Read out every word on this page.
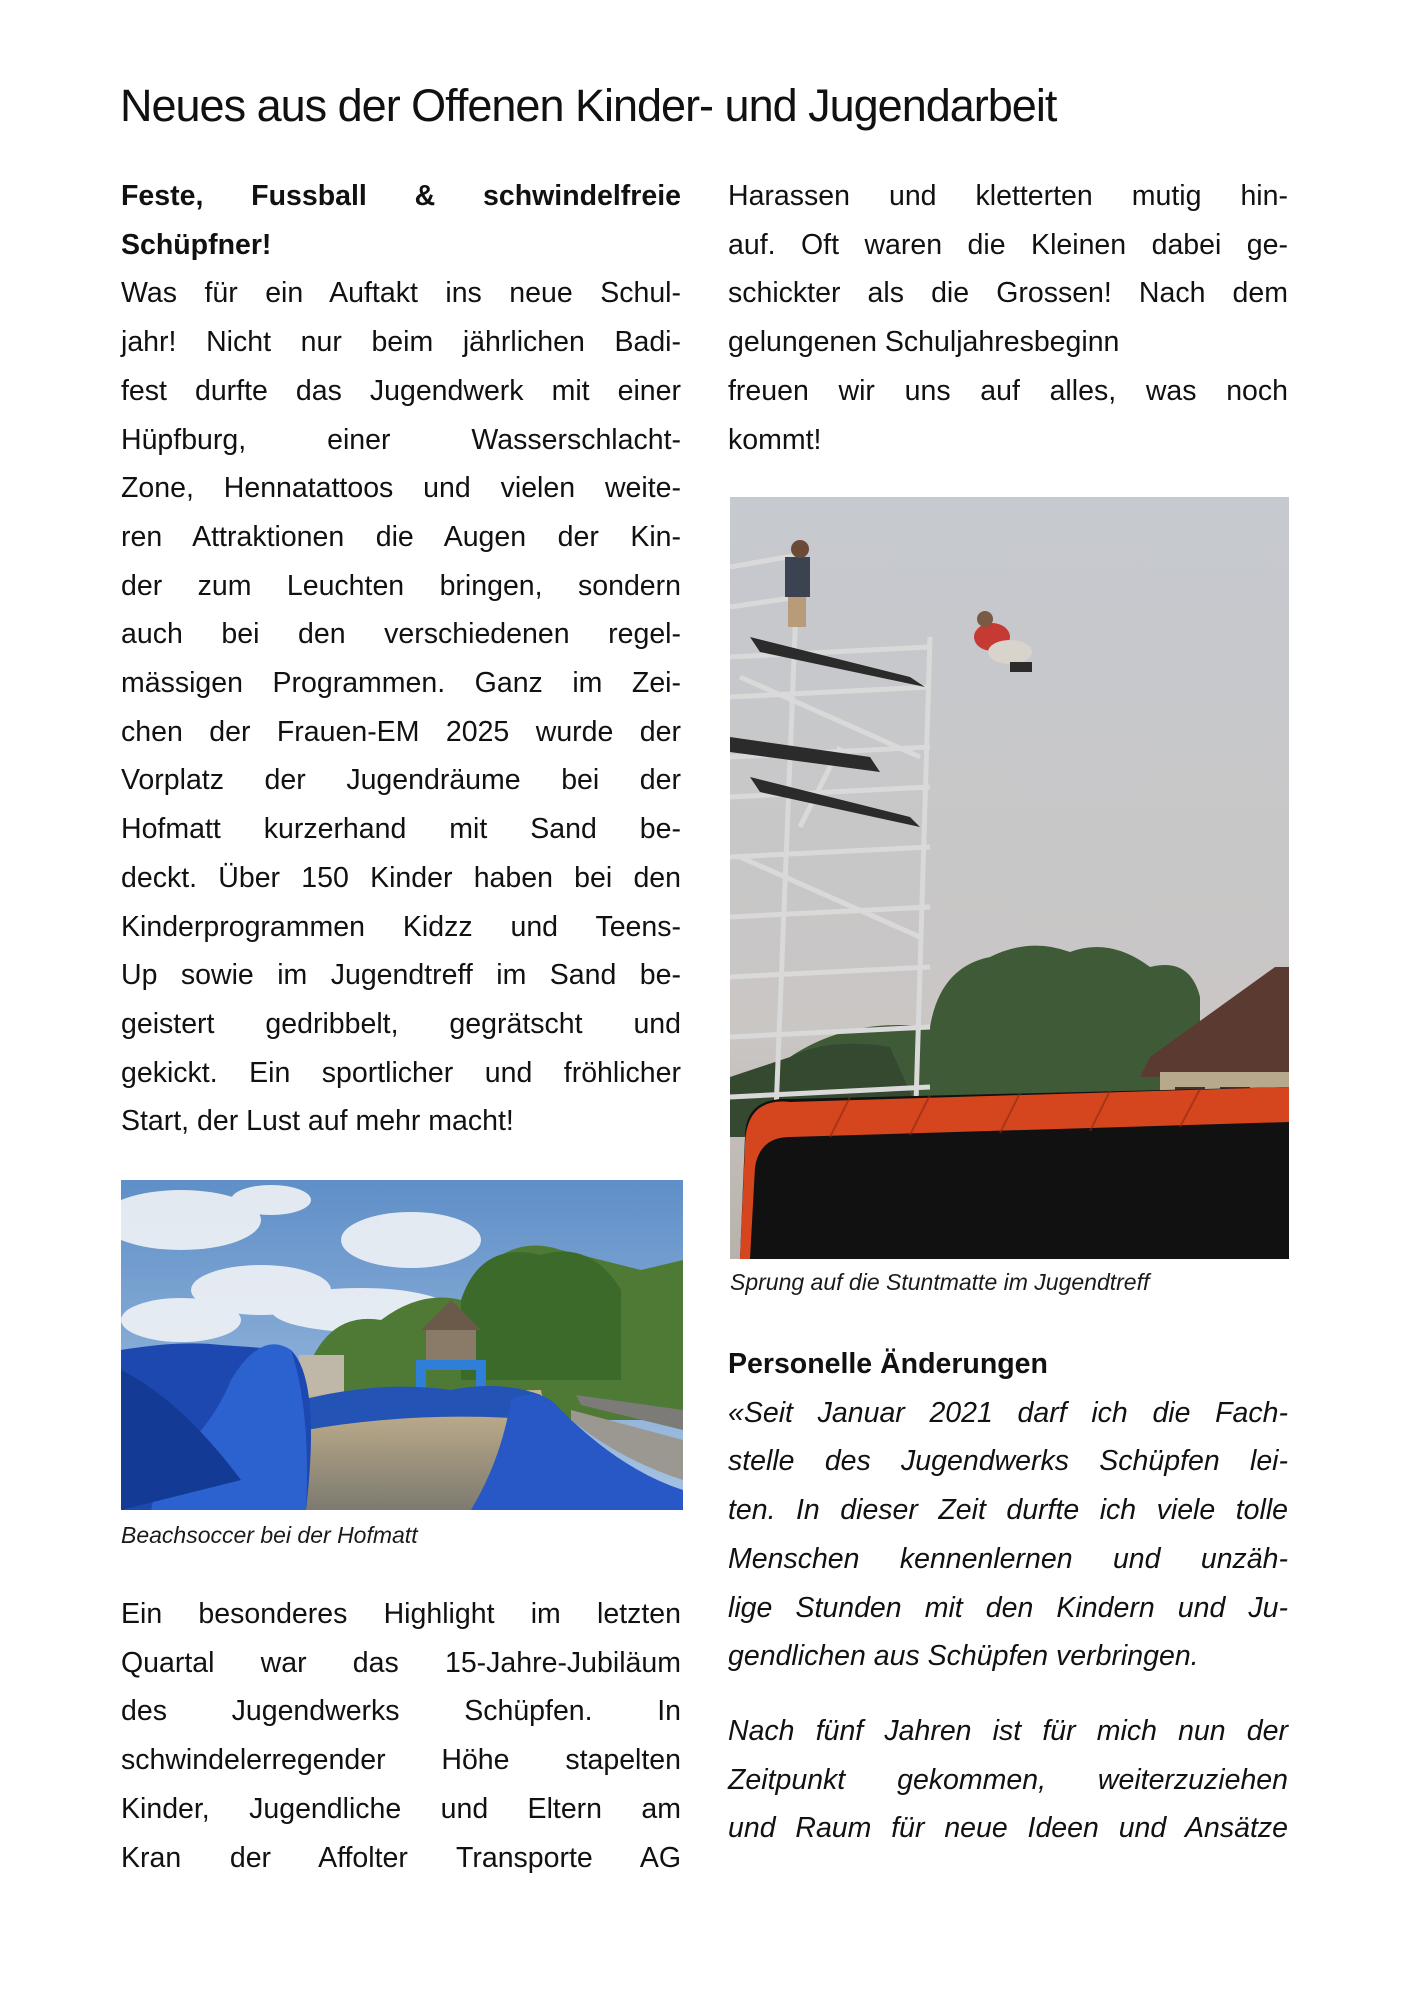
Neues aus der Offenen Kinder- und Jugendarbeit
Feste, Fussball & schwindelfreie
Schüpfner!
Was für ein Auftakt ins neue Schul-
jahr! Nicht nur beim jährlichen Badi-
fest durfte das Jugendwerk mit einer
Hüpfburg, einer Wasserschlacht-
Zone, Hennatattoos und vielen weite-
ren Attraktionen die Augen der Kin-
der zum Leuchten bringen, sondern
auch bei den verschiedenen regel-
mässigen Programmen. Ganz im Zei-
chen der Frauen-EM 2025 wurde der
Vorplatz der Jugendräume bei der
Hofmatt kurzerhand mit Sand be-
deckt. Über 150 Kinder haben bei den
Kinderprogrammen Kidzz und Teens-
Up sowie im Jugendtreff im Sand be-
geistert gedribbelt, gegrätscht und
gekickt. Ein sportlicher und fröhlicher
Start, der Lust auf mehr macht!

Beachsoccer bei der Hofmatt

Ein besonderes Highlight im letzten
Quartal war das 15-Jahre-Jubiläum
des Jugendwerks Schüpfen. In
schwindelerregender Höhe stapelten
Kinder, Jugendliche und Eltern am
Kran der Affolter Transporte AG
Harassen und kletterten mutig hin-
auf. Oft waren die Kleinen dabei ge-
schickter als die Grossen! Nach dem
gelungenen Schuljahresbeginn
freuen wir uns auf alles, was noch
kommt!

Sprung auf die Stuntmatte im Jugendtreff

Personelle Änderungen
«Seit Januar 2021 darf ich die Fach-
stelle des Jugendwerks Schüpfen lei-
ten. In dieser Zeit durfte ich viele tolle
Menschen kennenlernen und unzäh-
lige Stunden mit den Kindern und Ju-
gendlichen aus Schüpfen verbringen.
Nach fünf Jahren ist für mich nun der
Zeitpunkt gekommen, weiterzuziehen
und Raum für neue Ideen und Ansätze
